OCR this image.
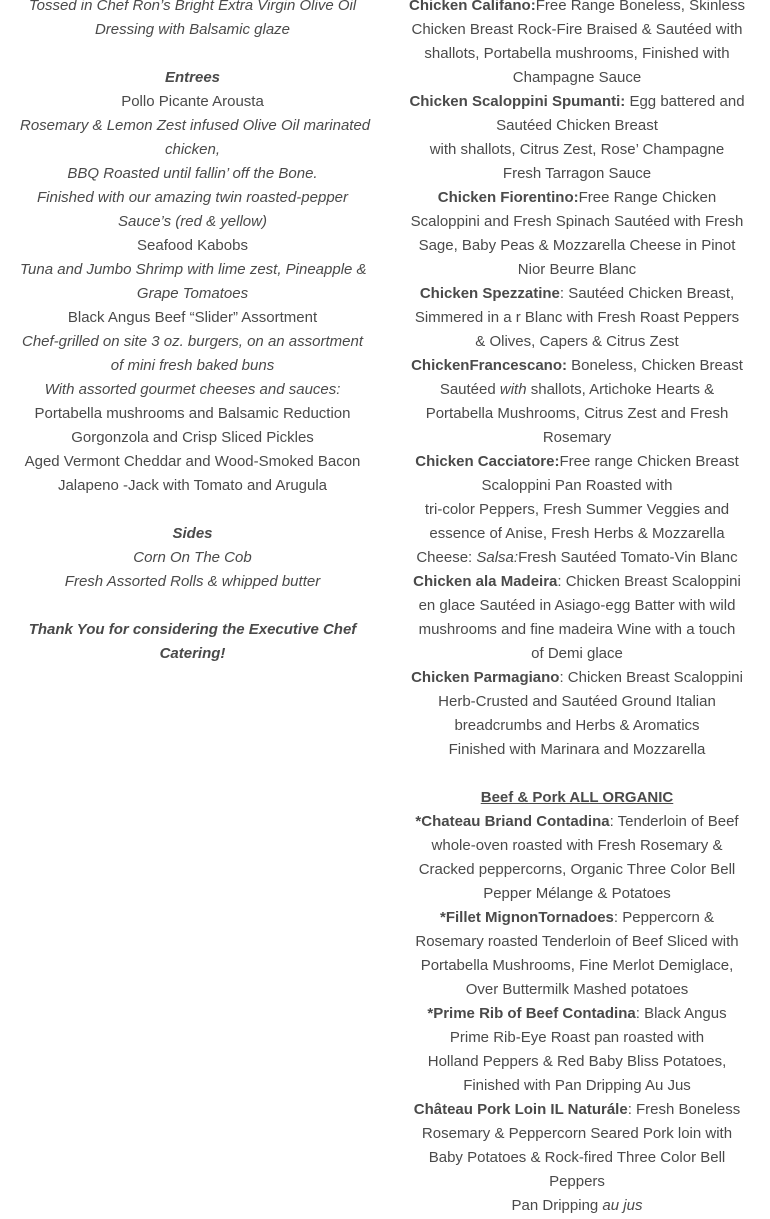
Tossed in Chef Ron’s Bright Extra Virgin Olive Oil
Dressing with Balsamic glaze
Entrees
Pollo Picante Arousta
Rosemary & Lemon Zest infused Olive Oil marinated
chicken,
BBQ Roasted until fallin’ off the Bone.
Finished with our amazing twin roasted-pepper
Sauce’s (red & yellow)
Seafood Kabobs
Tuna and Jumbo Shrimp with lime zest, Pineapple &
Grape Tomatoes
Black Angus Beef “Slider” Assortment
Chef-grilled on site 3 oz. burgers, on an assortment
of mini fresh baked buns
With assorted gourmet cheeses and sauces:
Portabella mushrooms and Balsamic Reduction
Gorgonzola and Crisp Sliced Pickles
Aged Vermont Cheddar and Wood-Smoked Bacon
Jalapeno -Jack with Tomato and Arugula
Sides
Corn On The Cob
Fresh Assorted Rolls & whipped butter
Thank You for considering the Executive Chef
Catering!
Chicken Califano:Free Range Boneless, Skinless
Chicken Breast Rock-Fire Braised & Sautéed with
shallots, Portabella mushrooms, Finished with
Champagne Sauce
Chicken Scaloppini Spumanti: Egg battered and
Sautéed Chicken Breast
with shallots, Citrus Zest, Rose’ Champagne
Fresh Tarragon Sauce
Chicken Fiorentino:Free Range Chicken
Scaloppini and Fresh Spinach Sautéed with Fresh
Sage, Baby Peas & Mozzarella Cheese in Pinot
Nior Beurre Blanc
Chicken Spezzatine: Sautéed Chicken Breast,
Simmered in a r Blanc with Fresh Roast Peppers
& Olives, Capers & Citrus Zest
ChickenFrancescano: Boneless, Chicken Breast
Sautéed with shallots, Artichoke Hearts &
Portabella Mushrooms, Citrus Zest and Fresh
Rosemary
Chicken Cacciatore:Free range Chicken Breast
Scaloppini Pan Roasted with
tri-color Peppers, Fresh Summer Veggies and
essence of Anise, Fresh Herbs & Mozzarella
Cheese: Salsa:Fresh Sautéed Tomato-Vin Blanc
Chicken ala Madeira: Chicken Breast Scaloppini
en glace Sautéed in Asiago-egg Batter with wild
mushrooms and fine madeira Wine with a touch
of Demi glace
Chicken Parmagiano: Chicken Breast Scaloppini
Herb-Crusted and Sautéed Ground Italian
breadcrumbs and Herbs & Aromatics
Finished with Marinara and Mozzarella
Beef & Pork ALL ORGANIC
*Chateau Briand Contadina: Tenderloin of Beef
whole-oven roasted with Fresh Rosemary &
Cracked peppercorns, Organic Three Color Bell
Pepper Mélange & Potatoes
*Fillet MignonTornadoes: Peppercorn &
Rosemary roasted Tenderloin of Beef Sliced with
Portabella Mushrooms, Fine Merlot Demiglace,
Over Buttermilk Mashed potatoes
*Prime Rib of Beef Contadina: Black Angus
Prime Rib-Eye Roast pan roasted with
Holland Peppers & Red Baby Bliss Potatoes,
Finished with Pan Dripping Au Jus
Château Pork Loin IL Naturále: Fresh Boneless
Rosemary & Peppercorn Seared Pork loin with
Baby Potatoes & Rock-fired Three Color Bell
Peppers
Pan Dripping au jus
